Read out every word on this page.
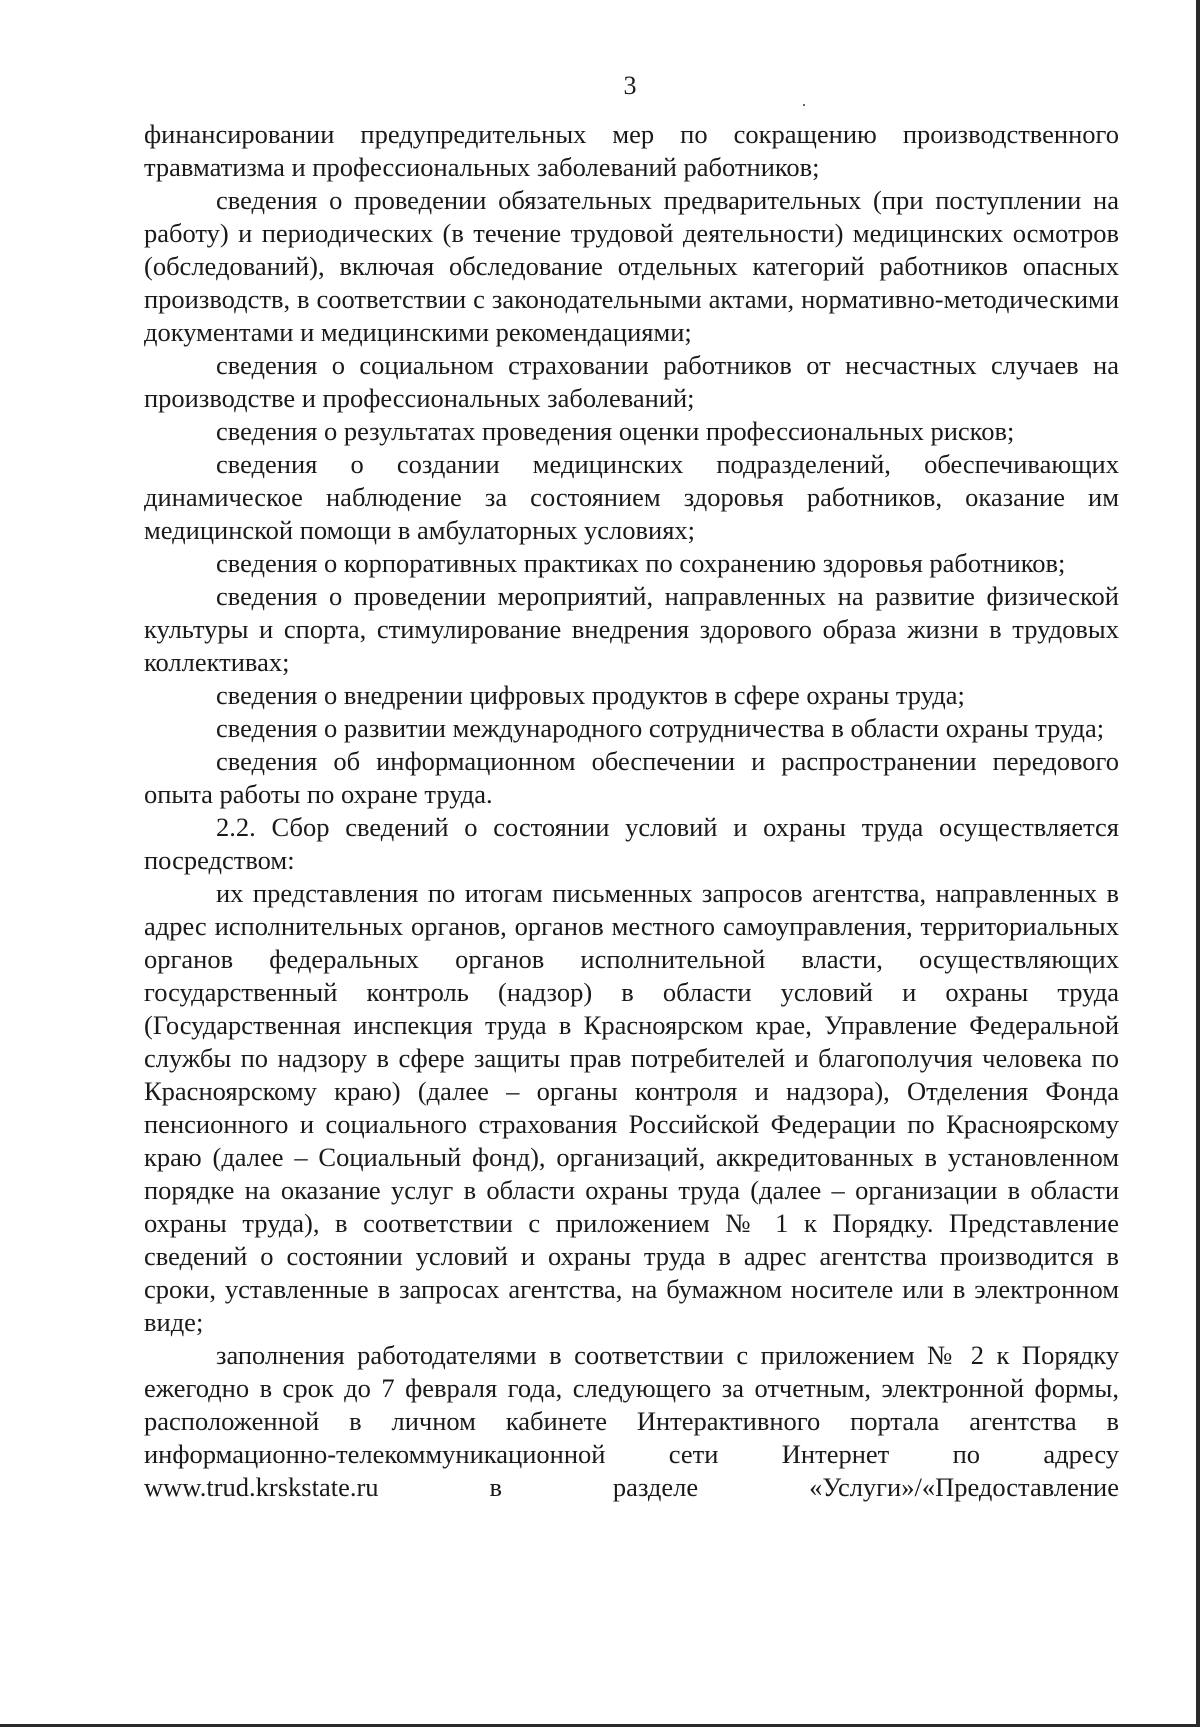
3

финансировании предупредительных мер по сокращению производственного травматизма и профессиональных заболеваний работников;

сведения о проведении обязательных предварительных (при поступлении на работу) и периодических (в течение трудовой деятельности) медицинских осмотров (обследований), включая обследование отдельных категорий работников опасных производств, в соответствии с законодательными актами, нормативно-методическими документами и медицинскими рекомендациями;

сведения о социальном страховании работников от несчастных случаев на производстве и профессиональных заболеваний;

сведения о результатах проведения оценки профессиональных рисков;

сведения о создании медицинских подразделений, обеспечивающих динамическое наблюдение за состоянием здоровья работников, оказание им медицинской помощи в амбулаторных условиях;

сведения о корпоративных практиках по сохранению здоровья работников;

сведения о проведении мероприятий, направленных на развитие физической культуры и спорта, стимулирование внедрения здорового образа жизни в трудовых коллективах;

сведения о внедрении цифровых продуктов в сфере охраны труда;

сведения о развитии международного сотрудничества в области охраны труда;

сведения об информационном обеспечении и распространении передового опыта работы по охране труда.

2.2. Сбор сведений о состоянии условий и охраны труда осуществляется посредством:

их представления по итогам письменных запросов агентства, направленных в адрес исполнительных органов, органов местного самоуправления, территориальных органов федеральных органов исполнительной власти, осуществляющих государственный контроль (надзор) в области условий и охраны труда (Государственная инспекция труда в Красноярском крае, Управление Федеральной службы по надзору в сфере защиты прав потребителей и благополучия человека по Красноярскому краю) (далее – органы контроля и надзора), Отделения Фонда пенсионного и социального страхования Российской Федерации по Красноярскому краю (далее – Социальный фонд), организаций, аккредитованных в установленном порядке на оказание услуг в области охраны труда (далее – организации в области охраны труда), в соответствии с приложением № 1 к Порядку. Представление сведений о состоянии условий и охраны труда в адрес агентства производится в сроки, уставленные в запросах агентства, на бумажном носителе или в электронном виде;

заполнения работодателями в соответствии с приложением № 2 к Порядку ежегодно в срок до 7 февраля года, следующего за отчетным, электронной формы, расположенной в личном кабинете Интерактивного портала агентства в информационно-телекоммуникационной сети Интернет по адресу www.trud.krskstate.ru в разделе «Услуги»/«Предоставление
